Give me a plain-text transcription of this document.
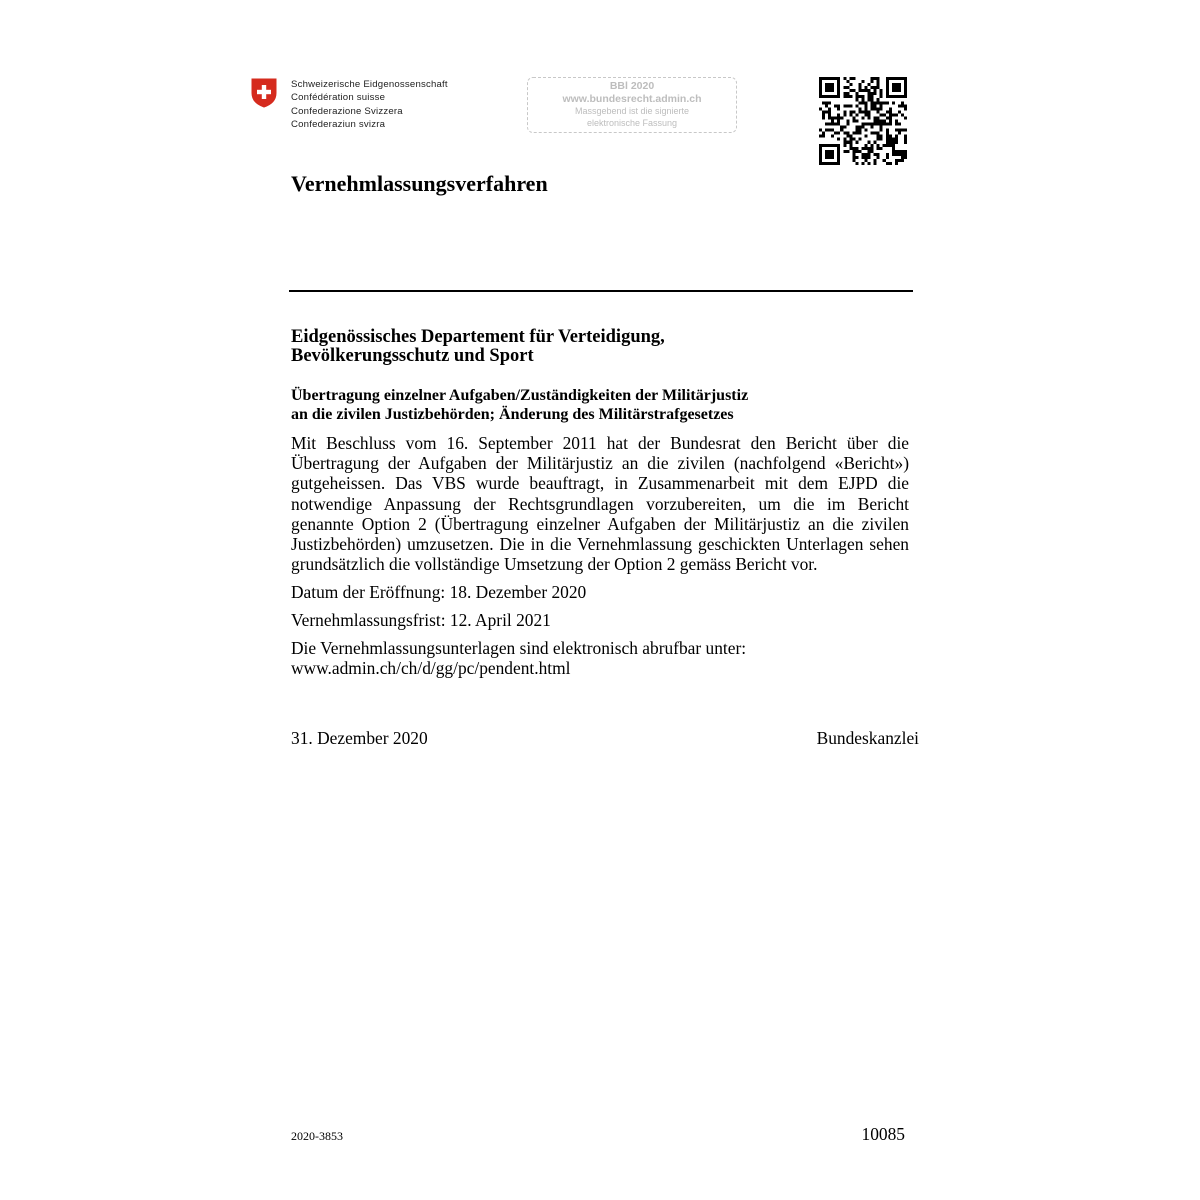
Schweizerische Eidgenossenschaft
Confédération suisse
Confederazione Svizzera
Confederaziun svizra
BBl 2020
www.bundesrecht.admin.ch
Massgebend ist die signierte
elektronische Fassung
Vernehmlassungsverfahren
Eidgenössisches Departement für Verteidigung,
Bevölkerungsschutz und Sport
Übertragung einzelner Aufgaben/Zuständigkeiten der Militärjustiz
an die zivilen Justizbehörden; Änderung des Militärstrafgesetzes
Mit Beschluss vom 16. September 2011 hat der Bundesrat den Bericht über die Übertragung der Aufgaben der Militärjustiz an die zivilen (nachfolgend «Bericht») gutgeheissen. Das VBS wurde beauftragt, in Zusammenarbeit mit dem EJPD die notwendige Anpassung der Rechtsgrundlagen vorzubereiten, um die im Bericht genannte Option 2 (Übertragung einzelner Aufgaben der Militärjustiz an die zivilen Justizbehörden) umzusetzen. Die in die Vernehmlassung geschickten Unterlagen sehen grundsätzlich die vollständige Umsetzung der Option 2 gemäss Bericht vor.
Datum der Eröffnung: 18. Dezember 2020
Vernehmlassungsfrist: 12. April 2021
Die Vernehmlassungsunterlagen sind elektronisch abrufbar unter:
www.admin.ch/ch/d/gg/pc/pendent.html
31. Dezember 2020	Bundeskanzlei
2020-3853	10085
